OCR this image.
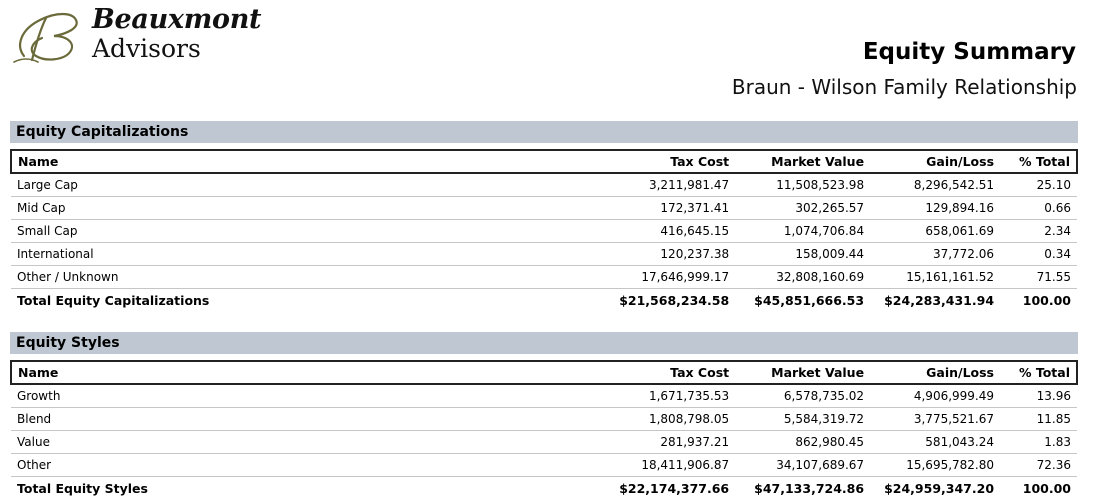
Beauxmont
Advisors	Equity Summary
Braun - Wilson Family Relationship
Equity Capitalizations
Name	Tax Cost	Market Value	Gain/Loss	% Total
Large Cap	3,211,981.47	11,508,523.98	8,296,542.51	25.10
Mid Cap	172,371.41	302,265.57	129,894.16	0.66
Small Cap	416,645.15	1,074,706.84	658,061.69	2.34
International	120,237.38	158,009.44	37,772.06	0.34
Other / Unknown	17,646,999.17	32,808,160.69	15,161,161.52	71.55
Total Equity Capitalizations	$21,568,234.58	$45,851,666.53	$24,283,431.94	100.00
Equity Styles
Name	Tax Cost	Market Value	Gain/Loss	% Total
Growth	1,671,735.53	6,578,735.02	4,906,999.49	13.96
Blend	1,808,798.05	5,584,319.72	3,775,521.67	11.85
Value	281,937.21	862,980.45	581,043.24	1.83
Other	18,411,906.87	34,107,689.67	15,695,782.80	72.36
Total Equity Styles	$22,174,377.66	$47,133,724.86	$24,959,347.20	100.00
